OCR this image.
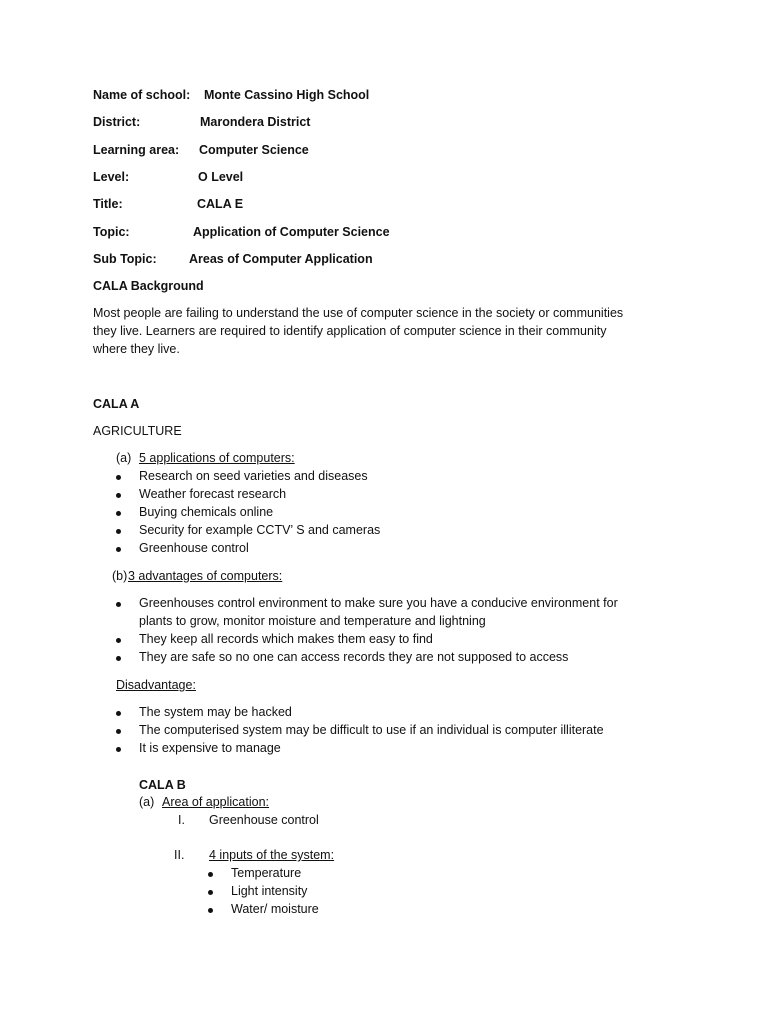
Name of school: Monte Cassino High School
District:	Marondera District
Learning area: Computer Science
Level:	O Level
Title:	CALA E
Topic:	Application of Computer Science
Sub Topic:	Areas of Computer Application
CALA Background
Most people are failing to understand the use of computer science in the society or communities
they live. Learners are required to identify application of computer science in their community
where they live.
CALA A
AGRICULTURE
(a) 5 applications of computers:
Research on seed varieties and diseases
Weather forecast research
Buying chemicals online
Security for example CCTV’ S and cameras
Greenhouse control
(b) 3 advantages of computers:
Greenhouses control environment to make sure you have a conducive environment for
plants to grow, monitor moisture and temperature and lightning
They keep all records which makes them easy to find
They are safe so no one can access records they are not supposed to access
Disadvantage:
The system may be hacked
The computerised system may be difficult to use if an individual is computer illiterate
It is expensive to manage
CALA B
(a) Area of application:
I. Greenhouse control
II. 4 inputs of the system:
Temperature
Light intensity
Water/ moisture
